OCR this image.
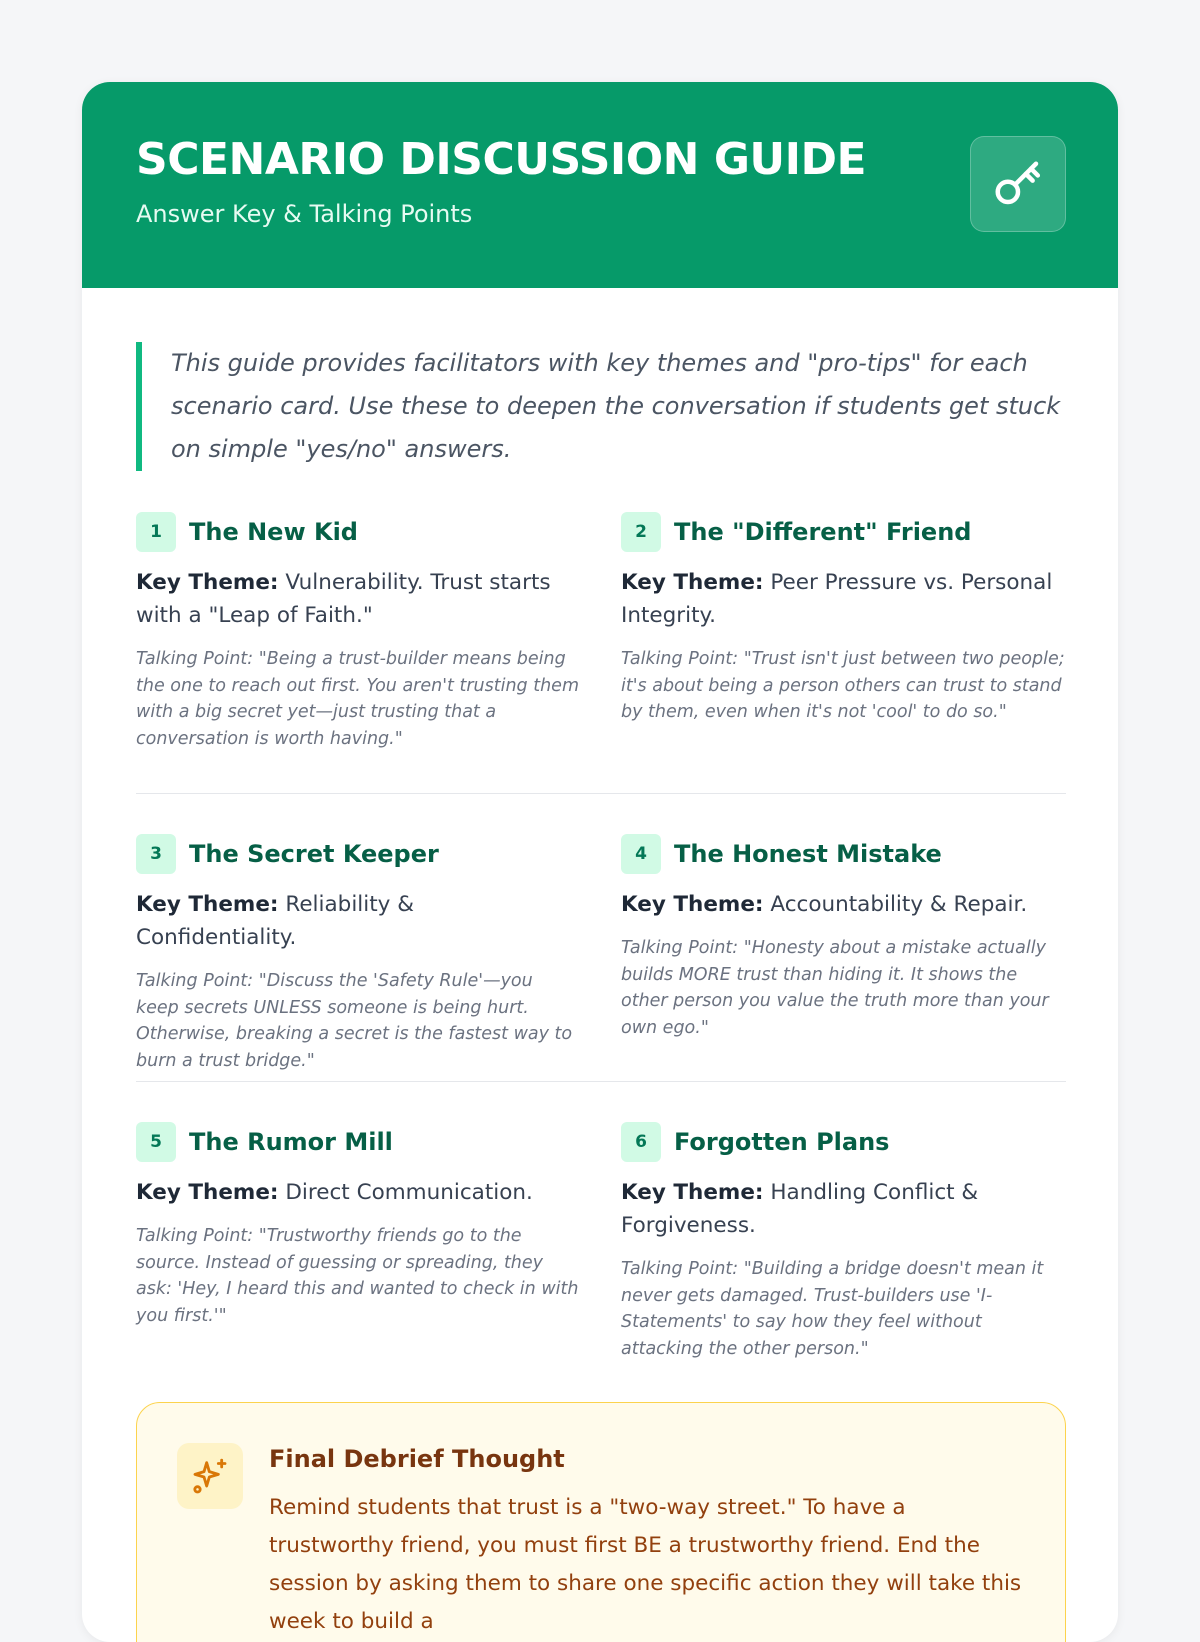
SCENARIO DISCUSSION GUIDE
Answer Key & Talking Points
This guide provides facilitators with key themes and "pro-tips" for each scenario card. Use these to deepen the conversation if students get stuck on simple "yes/no" answers.
1	The New Kid
Key Theme: Vulnerability. Trust starts with a "Leap of Faith."
Talking Point: "Being a trust-builder means being the one to reach out first. You aren't trusting them with a big secret yet—just trusting that a conversation is worth having."
2	The "Different" Friend
Key Theme: Peer Pressure vs. Personal Integrity.
Talking Point: "Trust isn't just between two people; it's about being a person others can trust to stand by them, even when it's not 'cool' to do so."
3	The Secret Keeper
Key Theme: Reliability & Confidentiality.
Talking Point: "Discuss the 'Safety Rule'—you keep secrets UNLESS someone is being hurt. Otherwise, breaking a secret is the fastest way to burn a trust bridge."
4	The Honest Mistake
Key Theme: Accountability & Repair.
Talking Point: "Honesty about a mistake actually builds MORE trust than hiding it. It shows the other person you value the truth more than your own ego."
5	The Rumor Mill
Key Theme: Direct Communication.
Talking Point: "Trustworthy friends go to the source. Instead of guessing or spreading, they ask: 'Hey, I heard this and wanted to check in with you first.'"
6	Forgotten Plans
Key Theme: Handling Conflict & Forgiveness.
Talking Point: "Building a bridge doesn't mean it never gets damaged. Trust-builders use 'I-Statements' to say how they feel without attacking the other person."
Final Debrief Thought
Remind students that trust is a "two-way street." To have a trustworthy friend, you must first BE a trustworthy friend. End the session by asking them to share one specific action they will take this week to build a
